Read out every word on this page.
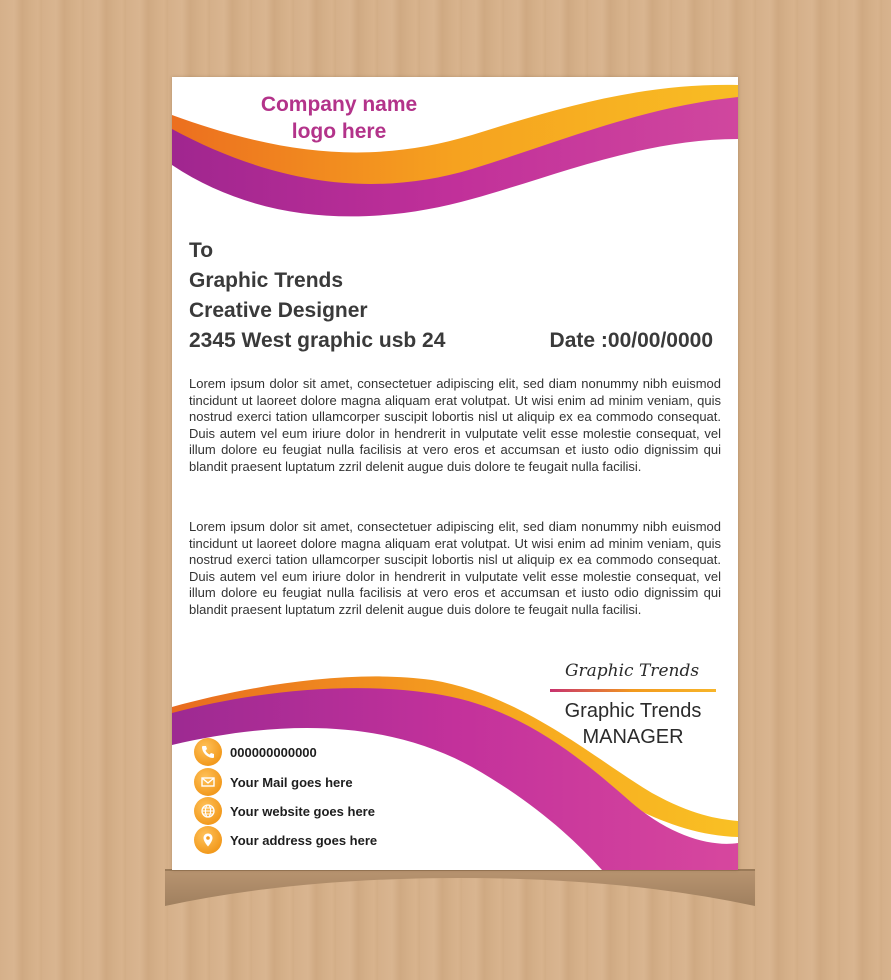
Company name
logo here

To

Graphic Trends

Creative Designer

2345 West graphic usb 24	Date :00/00/0000

Lorem ipsum dolor sit amet, consectetuer adipiscing elit, sed diam nonummy nibh euismod tincidunt ut laoreet dolore magna aliquam erat volutpat. Ut wisi enim ad minim veniam, quis nostrud exerci tation ullamcorper suscipit lobortis nisl ut aliquip ex ea commodo consequat. Duis autem vel eum iriure dolor in hendrerit in vulputate velit esse molestie consequat, vel illum dolore eu feugiat nulla facilisis at vero eros et accumsan et iusto odio dignissim qui blandit praesent luptatum zzril delenit augue duis dolore te feugait nulla facilisi.

Lorem ipsum dolor sit amet, consectetuer adipiscing elit, sed diam nonummy nibh euismod tincidunt ut laoreet dolore magna aliquam erat volutpat. Ut wisi enim ad minim veniam, quis nostrud exerci tation ullamcorper suscipit lobortis nisl ut aliquip ex ea commodo consequat. Duis autem vel eum iriure dolor in hendrerit in vulputate velit esse molestie consequat, vel illum dolore eu feugiat nulla facilisis at vero eros et accumsan et iusto odio dignissim qui blandit praesent luptatum zzril delenit augue duis dolore te feugait nulla facilisi.

Graphic Trends
Graphic Trends
MANAGER
000000000000
Your Mail goes here
Your website goes here
Your address goes here
